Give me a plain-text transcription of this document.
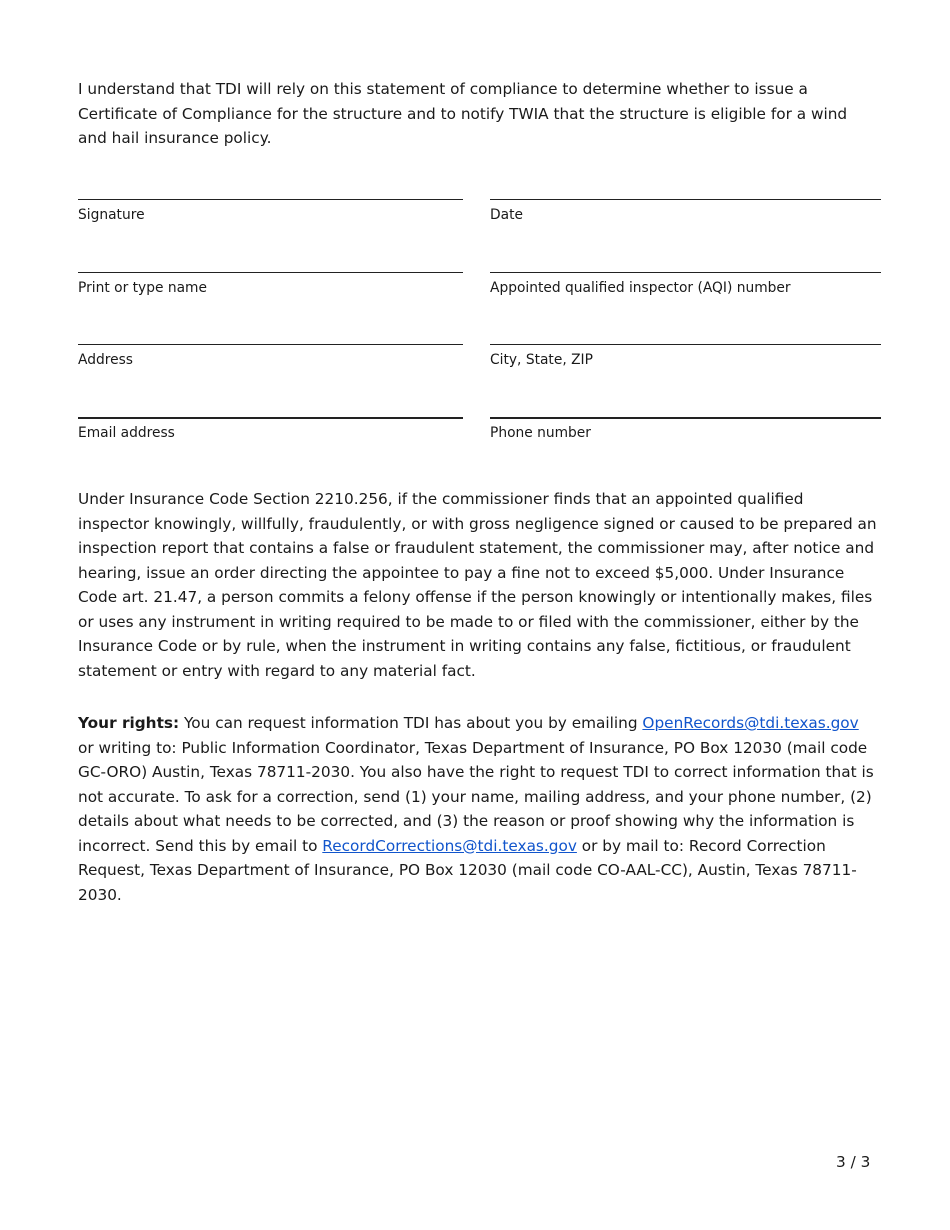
I understand that TDI will rely on this statement of compliance to determine whether to issue a Certificate of Compliance for the structure and to notify TWIA that the structure is eligible for a wind and hail insurance policy.

Signature	Date
Print or type name	Appointed qualified inspector (AQI) number
Address	City, State, ZIP
Email address	Phone number

Under Insurance Code Section 2210.256, if the commissioner finds that an appointed qualified inspector knowingly, willfully, fraudulently, or with gross negligence signed or caused to be prepared an inspection report that contains a false or fraudulent statement, the commissioner may, after notice and hearing, issue an order directing the appointee to pay a fine not to exceed $5,000. Under Insurance Code art. 21.47, a person commits a felony offense if the person knowingly or intentionally makes, files or uses any instrument in writing required to be made to or filed with the commissioner, either by the Insurance Code or by rule, when the instrument in writing contains any false, fictitious, or fraudulent statement or entry with regard to any material fact.

Your rights: You can request information TDI has about you by emailing OpenRecords@tdi.texas.gov or writing to: Public Information Coordinator, Texas Department of Insurance, PO Box 12030 (mail code GC-ORO) Austin, Texas 78711-2030. You also have the right to request TDI to correct information that is not accurate. To ask for a correction, send (1) your name, mailing address, and your phone number, (2) details about what needs to be corrected, and (3) the reason or proof showing why the information is incorrect. Send this by email to RecordCorrections@tdi.texas.gov or by mail to: Record Correction Request, Texas Department of Insurance, PO Box 12030 (mail code CO-AAL-CC), Austin, Texas 78711-2030.

3 / 3
